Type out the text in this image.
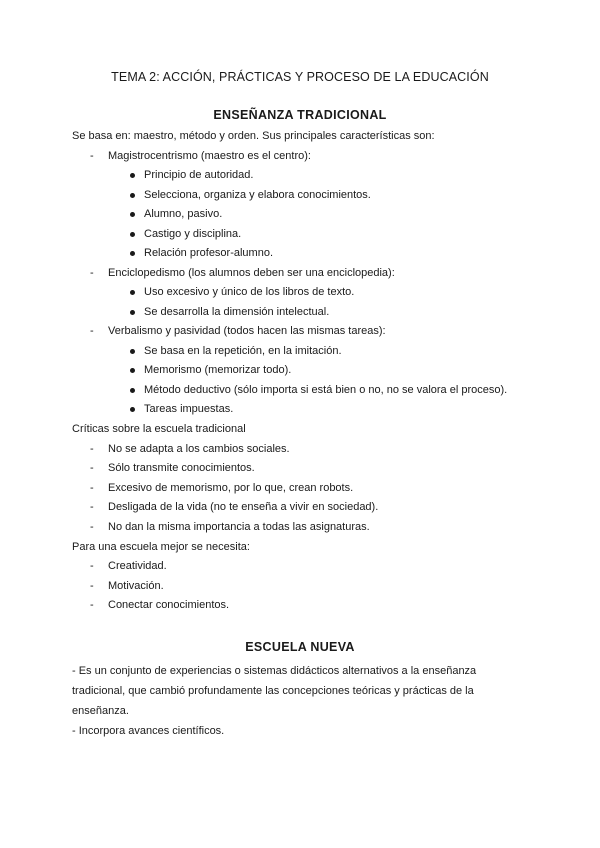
TEMA 2: ACCIÓN, PRÁCTICAS Y PROCESO DE LA EDUCACIÓN
ENSEÑANZA TRADICIONAL
Se basa en: maestro, método y orden. Sus principales características son:
- Magistrocentrismo (maestro es el centro):
Principio de autoridad.
Selecciona, organiza y elabora conocimientos.
Alumno, pasivo.
Castigo y disciplina.
Relación profesor-alumno.
- Enciclopedismo (los alumnos deben ser una enciclopedia):
Uso excesivo y único de los libros de texto.
Se desarrolla la dimensión intelectual.
- Verbalismo y pasividad (todos hacen las mismas tareas):
Se basa en la repetición, en la imitación.
Memorismo (memorizar todo).
Método deductivo (sólo importa si está bien o no, no se valora el proceso).
Tareas impuestas.
Críticas sobre la escuela tradicional
- No se adapta a los cambios sociales.
- Sólo transmite conocimientos.
- Excesivo de memorismo, por lo que, crean robots.
- Desligada de la vida (no te enseña a vivir en sociedad).
- No dan la misma importancia a todas las asignaturas.
Para una escuela mejor se necesita:
- Creatividad.
- Motivación.
- Conectar conocimientos.
ESCUELA NUEVA
- Es un conjunto de experiencias o sistemas didácticos alternativos a la enseñanza tradicional, que cambió profundamente las concepciones teóricas y prácticas de la enseñanza.
- Incorpora avances científicos.
